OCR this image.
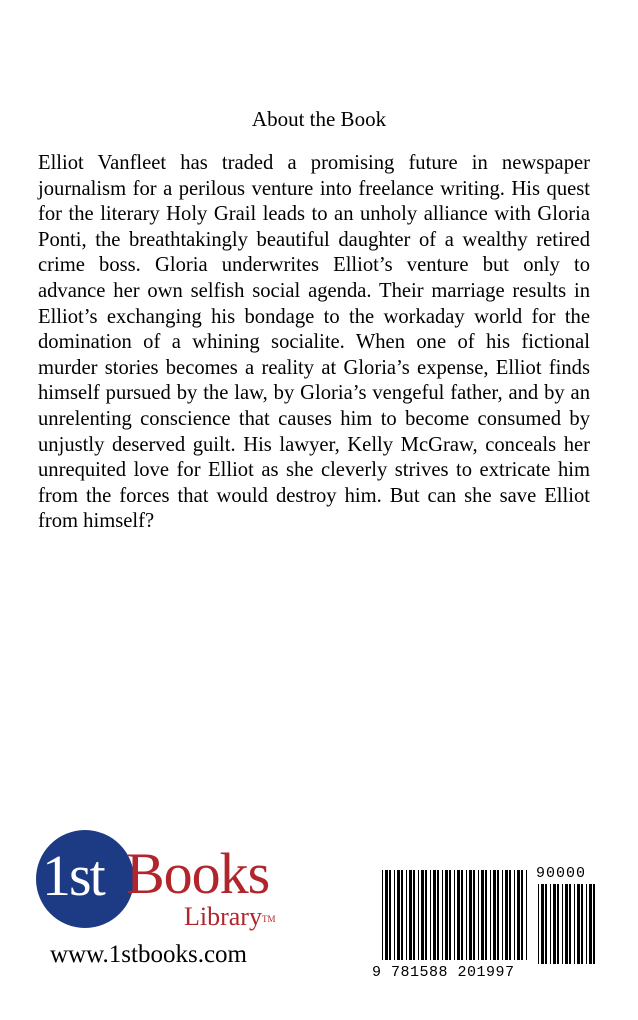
About the Book

Elliot Vanfleet has traded a promising future in newspaper journalism for a perilous venture into freelance writing. His quest for the literary Holy Grail leads to an unholy alliance with Gloria Ponti, the breathtakingly beautiful daughter of a wealthy retired crime boss. Gloria underwrites Elliot’s venture but only to advance her own selfish social agenda. Their marriage results in Elliot’s exchanging his bondage to the workaday world for the domination of a whining socialite. When one of his fictional murder stories becomes a reality at Gloria’s expense, Elliot finds himself pursued by the law, by Gloria’s vengeful father, and by an unrelenting conscience that causes him to become consumed by unjustly deserved guilt. His lawyer, Kelly McGraw, conceals her unrequited love for Elliot as she cleverly strives to extricate him from the forces that would destroy him. But can she save Elliot from himself?

1st Books
Library™
www.1stbooks.com
90000
9 781588 201997
